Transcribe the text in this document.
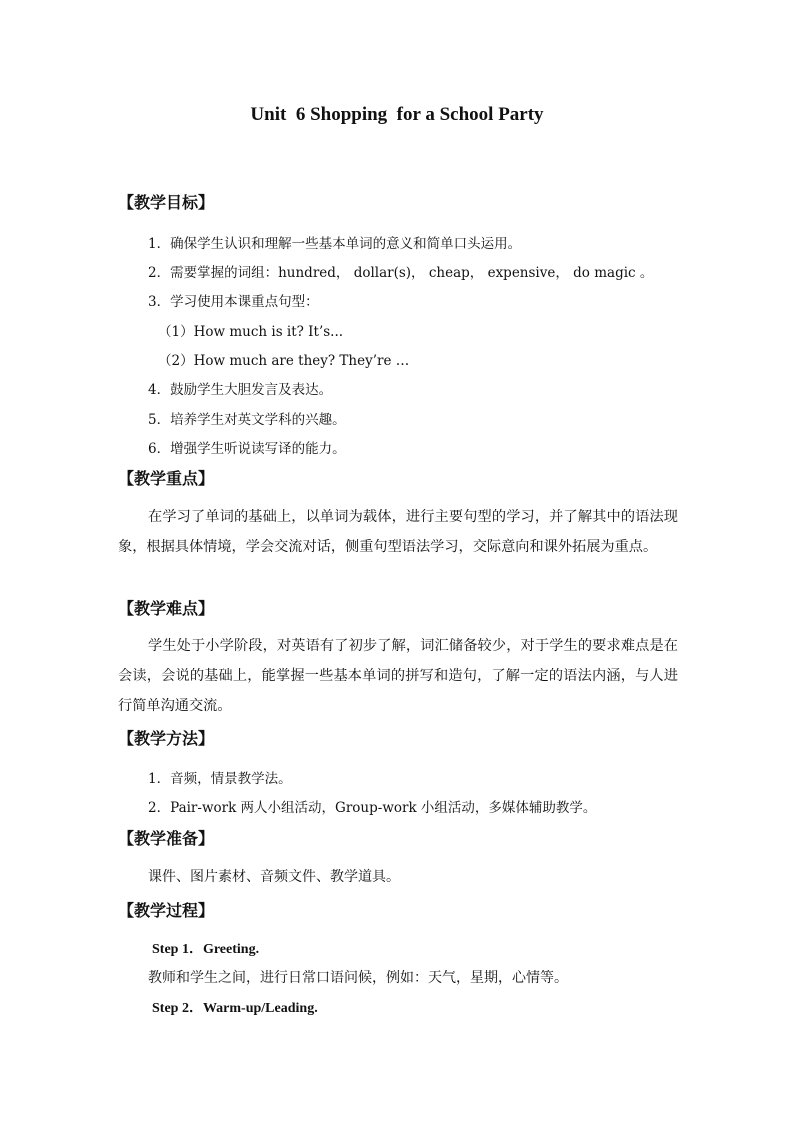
Unit  6 Shopping  for a School Party
【教学目标】
1．确保学生认识和理解一些基本单词的意义和简单口头运用。
2．需要掌握的词组：hundred， dollar(s)， cheap， expensive， do magic 。
3．学习使用本课重点句型：
（1）How much is it? It’s...
（2）How much are they? They’re …
4．鼓励学生大胆发言及表达。
5．培养学生对英文学科的兴趣。
6．增强学生听说读写译的能力。
【教学重点】
在学习了单词的基础上，以单词为载体，进行主要句型的学习，并了解其中的语法现象，根据具体情境，学会交流对话，侧重句型语法学习，交际意向和课外拓展为重点。
【教学难点】
学生处于小学阶段，对英语有了初步了解，词汇储备较少，对于学生的要求难点是在会读，会说的基础上，能掌握一些基本单词的拼写和造句，了解一定的语法内涵，与人进行简单沟通交流。
【教学方法】
1．音频，情景教学法。
2．Pair-work 两人小组活动，Group-work 小组活动，多媒体辅助教学。
【教学准备】
课件、图片素材、音频文件、教学道具。
【教学过程】
Step 1．Greeting.
教师和学生之间，进行日常口语问候，例如：天气，星期，心情等。
Step 2．Warm-up/Leading.
